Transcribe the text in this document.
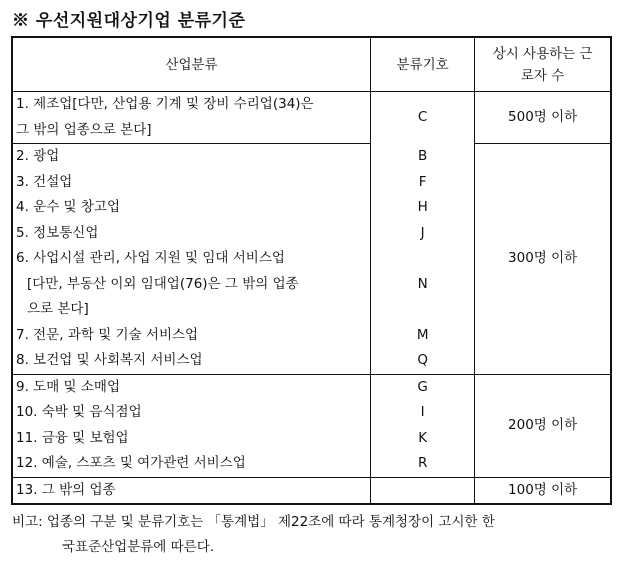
※ 우선지원대상기업 분류기준
산업분류	분류기호	상시 사용하는 근로자 수
1. 제조업[다만, 산업용 기계 및 장비 수리업(34)은	C	500명 이하
그 밖의 업종으로 본다]		
2. 광업	B	300명 이하
3. 건설업	F	
4. 운수 및 창고업	H	
5. 정보통신업	J	
6. 사업시설 관리, 사업 지원 및 임대 서비스업		
[다만, 부동산 이외 임대업(76)은 그 밖의 업종	N	
으로 본다]		
7. 전문, 과학 및 기술 서비스업	M	
8. 보건업 및 사회복지 서비스업	Q	
9. 도매 및 소매업	G	200명 이하
10. 숙박 및 음식점업	I	
11. 금융 및 보험업	K	
12. 예술, 스포츠 및 여가관련 서비스업	R	
13. 그 밖의 업종		100명 이하
비고: 업종의 구분 및 분류기호는 「통계법」 제22조에 따라 통계청장이 고시한 한
국표준산업분류에 따른다.
